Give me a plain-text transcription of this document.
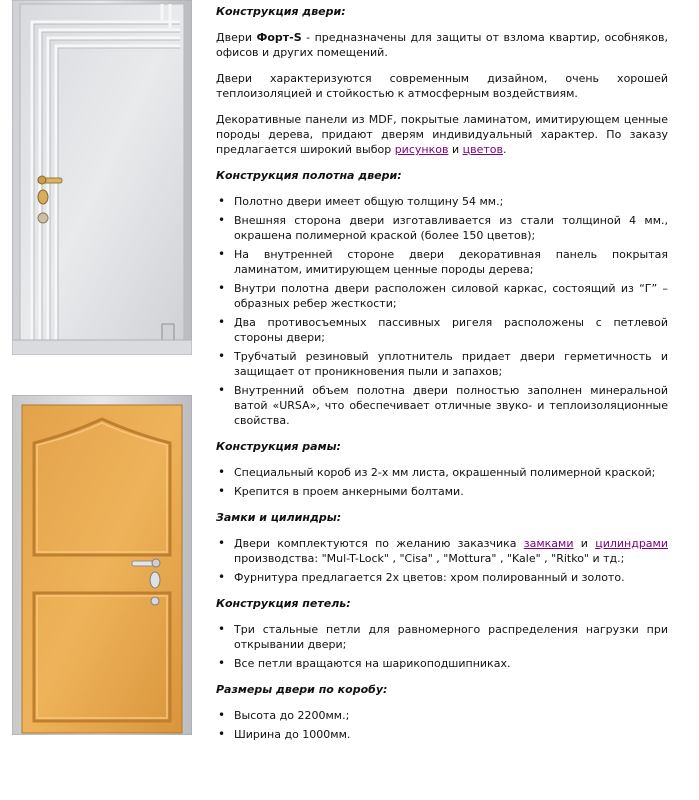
Конструкция двери:

Двери Форт-S - предназначены для защиты от взлома квартир, особняков, офисов и других помещений.

Двери характеризуются современным дизайном, очень хорошей теплоизоляцией и стойкостью к атмосферным воздействиям.

Декоративные панели из MDF, покрытые ламинатом, имитирующем ценные породы дерева, придают дверям индивидуальный характер. По заказу предлагается широкий выбор рисунков и цветов.

Конструкция полотна двери:
• Полотно двери имеет общую толщину 54 мм.;
• Внешняя сторона двери изготавливается из стали толщиной 4 мм., окрашена полимерной краской (более 150 цветов);
• На внутренней стороне двери декоративная панель покрытая ламинатом, имитирующем ценные породы дерева;
• Внутри полотна двери расположен силовой каркас, состоящий из “Г” – образных ребер жесткости;
• Два противосъемных пассивных ригеля расположены с петлевой стороны двери;
• Трубчатый резиновый уплотнитель придает двери герметичность и защищает от проникновения пыли и запахов;
• Внутренний объем полотна двери полностью заполнен минеральной ватой «URSA», что обеспечивает отличные звуко- и теплоизоляционные свойства.
Конструкция рамы:
• Специальный короб из 2-х мм листа, окрашенный полимерной краской;
• Крепится в проем анкерными болтами.
Замки и цилиндры:
• Двери комплектуются по желанию заказчика замками и цилиндрами производства: "Mul-T-Lock" , "Cisa" , "Mottura" , "Kale" , "Ritko" и тд.;
• Фурнитура предлагается 2х цветов: хром полированный и золото.
Конструкция петель:
• Три стальные петли для равномерного распределения нагрузки при открывании двери;
• Все петли вращаются на шарикоподшипниках.
Размеры двери по коробу:
• Высота до 2200мм.;
• Ширина до 1000мм.
